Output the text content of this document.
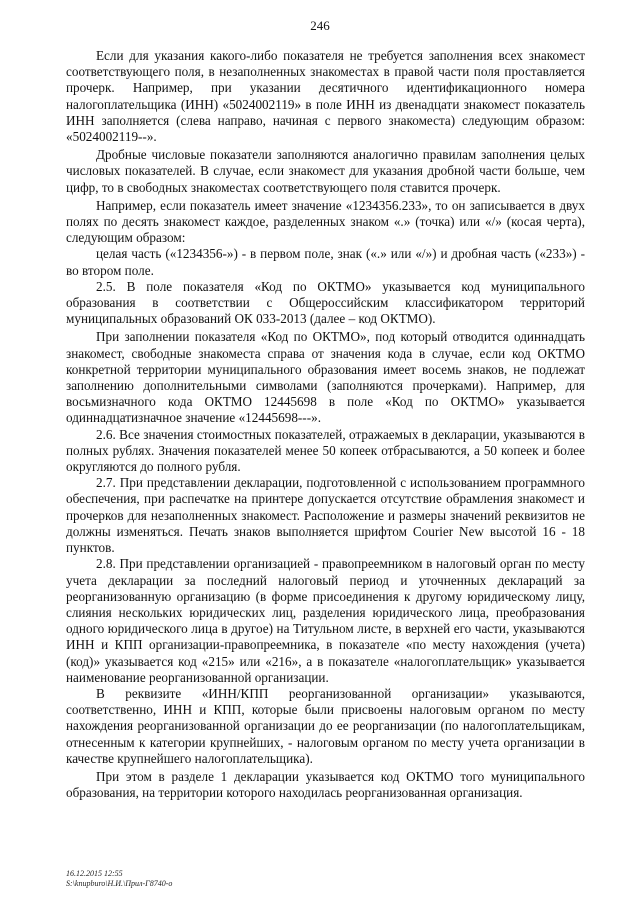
246

Если для указания какого-либо показателя не требуется заполнения всех знакомест соответствующего поля, в незаполненных знакоместах в правой части поля проставляется прочерк. Например, при указании десятичного идентификационного номера налогоплательщика (ИНН) «5024002119» в поле ИНН из двенадцати знакомест показатель ИНН заполняется (слева направо, начиная с первого знакоместа) следующим образом: «5024002119--».

Дробные числовые показатели заполняются аналогично правилам заполнения целых числовых показателей. В случае, если знакомест для указания дробной части больше, чем цифр, то в свободных знакоместах соответствующего поля ставится прочерк.

Например, если показатель имеет значение «1234356.233», то он записывается в двух полях по десять знакомест каждое, разделенных знаком «.» (точка) или «/» (косая черта), следующим образом:

целая часть («1234356-») - в первом поле, знак («.» или «/») и дробная часть («233») - во втором поле.

2.5. В поле показателя «Код по ОКТМО» указывается код муниципального образования в соответствии с Общероссийским классификатором территорий муниципальных образований ОК 033-2013 (далее – код ОКТМО).

При заполнении показателя «Код по ОКТМО», под который отводится одиннадцать знакомест, свободные знакоместа справа от значения кода в случае, если код ОКТМО конкретной территории муниципального образования имеет восемь знаков, не подлежат заполнению дополнительными символами (заполняются прочерками). Например, для восьмизначного кода ОКТМО 12445698 в поле «Код по ОКТМО» указывается одиннадцатизначное значение «12445698---».

2.6. Все значения стоимостных показателей, отражаемых в декларации, указываются в полных рублях. Значения показателей менее 50 копеек отбрасываются, а 50 копеек и более округляются до полного рубля.

2.7. При представлении декларации, подготовленной с использованием программного обеспечения, при распечатке на принтере допускается отсутствие обрамления знакомест и прочерков для незаполненных знакомест. Расположение и размеры значений реквизитов не должны изменяться. Печать знаков выполняется шрифтом Courier New высотой 16 - 18 пунктов.

2.8. При представлении организацией - правопреемником в налоговый орган по месту учета декларации за последний налоговый период и уточненных деклараций за реорганизованную организацию (в форме присоединения к другому юридическому лицу, слияния нескольких юридических лиц, разделения юридического лица, преобразования одного юридического лица в другое) на Титульном листе, в верхней его части, указываются ИНН и КПП организации-правопреемника, в показателе «по месту нахождения (учета) (код)» указывается код «215» или «216», а в показателе «налогоплательщик» указывается наименование реорганизованной организации.

В реквизите «ИНН/КПП реорганизованной организации» указываются, соответственно, ИНН и КПП, которые были присвоены налоговым органом по месту нахождения реорганизованной организации до ее реорганизации (по налогоплательщикам, отнесенным к категории крупнейших, - налоговым органом по месту учета организации в качестве крупнейшего налогоплательщика).

При этом в разделе 1 декларации указывается код ОКТМО того муниципального образования, на территории которого находилась реорганизованная организация.

16.12.2015 12:55
S:\knupburo\Н.И.\Прил-Г8740-о
